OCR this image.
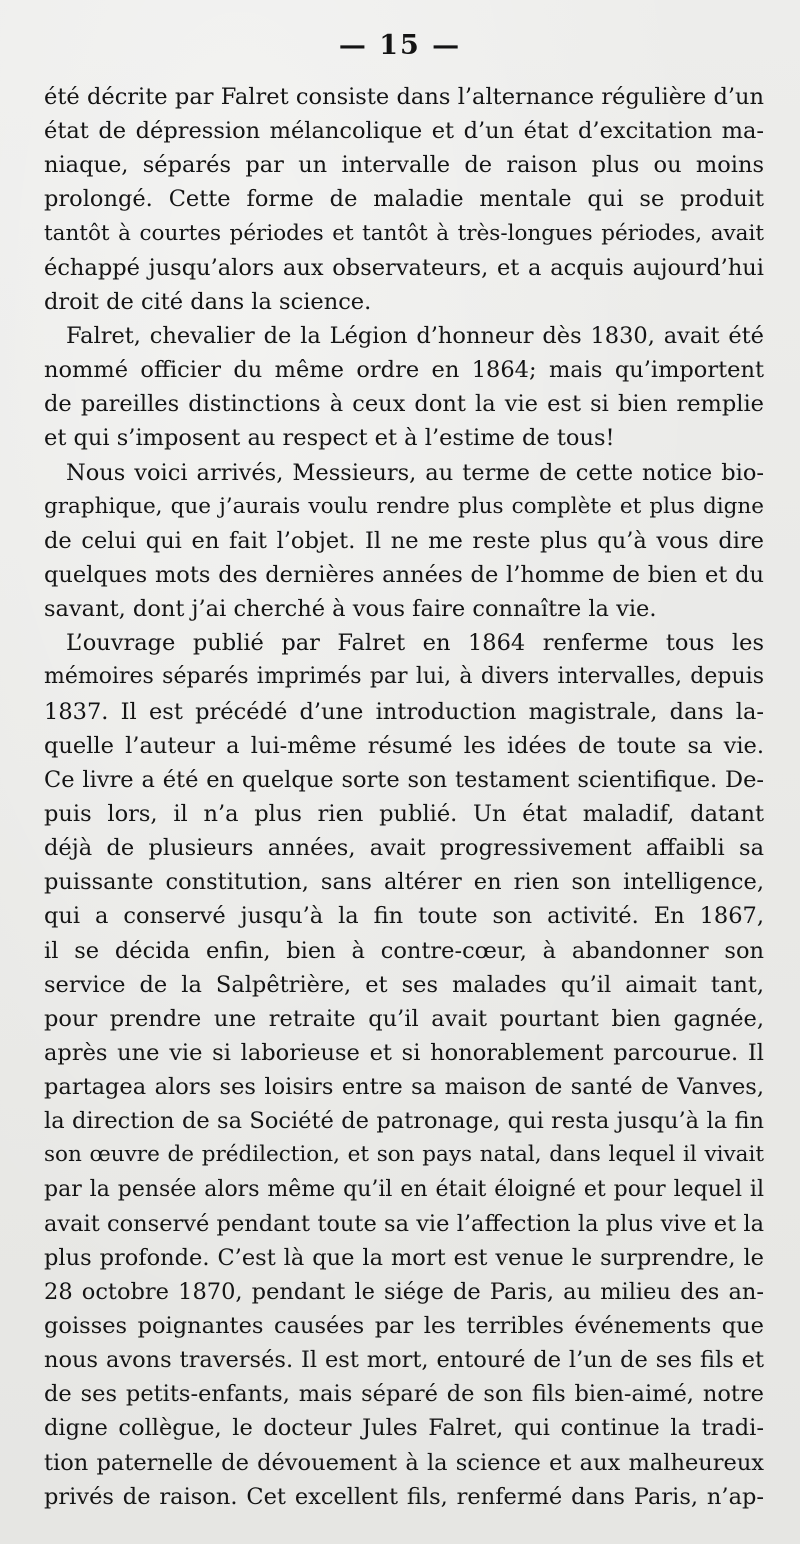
— 15 —
été décrite par Falret consiste dans l’alternance régulière d’un
état de dépression mélancolique et d’un état d’excitation ma-
niaque, séparés par un intervalle de raison plus ou moins
prolongé. Cette forme de maladie mentale qui se produit
tantôt à courtes périodes et tantôt à très-longues périodes, avait
échappé jusqu’alors aux observateurs, et a acquis aujourd’hui
droit de cité dans la science.
Falret, chevalier de la Légion d’honneur dès 1830, avait été
nommé officier du même ordre en 1864; mais qu’importent
de pareilles distinctions à ceux dont la vie est si bien remplie
et qui s’imposent au respect et à l’estime de tous!
Nous voici arrivés, Messieurs, au terme de cette notice bio-
graphique, que j’aurais voulu rendre plus complète et plus digne
de celui qui en fait l’objet. Il ne me reste plus qu’à vous dire
quelques mots des dernières années de l’homme de bien et du
savant, dont j’ai cherché à vous faire connaître la vie.
L’ouvrage publié par Falret en 1864 renferme tous les
mémoires séparés imprimés par lui, à divers intervalles, depuis
1837. Il est précédé d’une introduction magistrale, dans la-
quelle l’auteur a lui-même résumé les idées de toute sa vie.
Ce livre a été en quelque sorte son testament scientifique. De-
puis lors, il n’a plus rien publié. Un état maladif, datant
déjà de plusieurs années, avait progressivement affaibli sa
puissante constitution, sans altérer en rien son intelligence,
qui a conservé jusqu’à la fin toute son activité. En 1867,
il se décida enfin, bien à contre-cœur, à abandonner son
service de la Salpêtrière, et ses malades qu’il aimait tant,
pour prendre une retraite qu’il avait pourtant bien gagnée,
après une vie si laborieuse et si honorablement parcourue. Il
partagea alors ses loisirs entre sa maison de santé de Vanves,
la direction de sa Société de patronage, qui resta jusqu’à la fin
son œuvre de prédilection, et son pays natal, dans lequel il vivait
par la pensée alors même qu’il en était éloigné et pour lequel il
avait conservé pendant toute sa vie l’affection la plus vive et la
plus profonde. C’est là que la mort est venue le surprendre, le
28 octobre 1870, pendant le siége de Paris, au milieu des an-
goisses poignantes causées par les terribles événements que
nous avons traversés. Il est mort, entouré de l’un de ses fils et
de ses petits-enfants, mais séparé de son fils bien-aimé, notre
digne collègue, le docteur Jules Falret, qui continue la tradi-
tion paternelle de dévouement à la science et aux malheureux
privés de raison. Cet excellent fils, renfermé dans Paris, n’ap-
